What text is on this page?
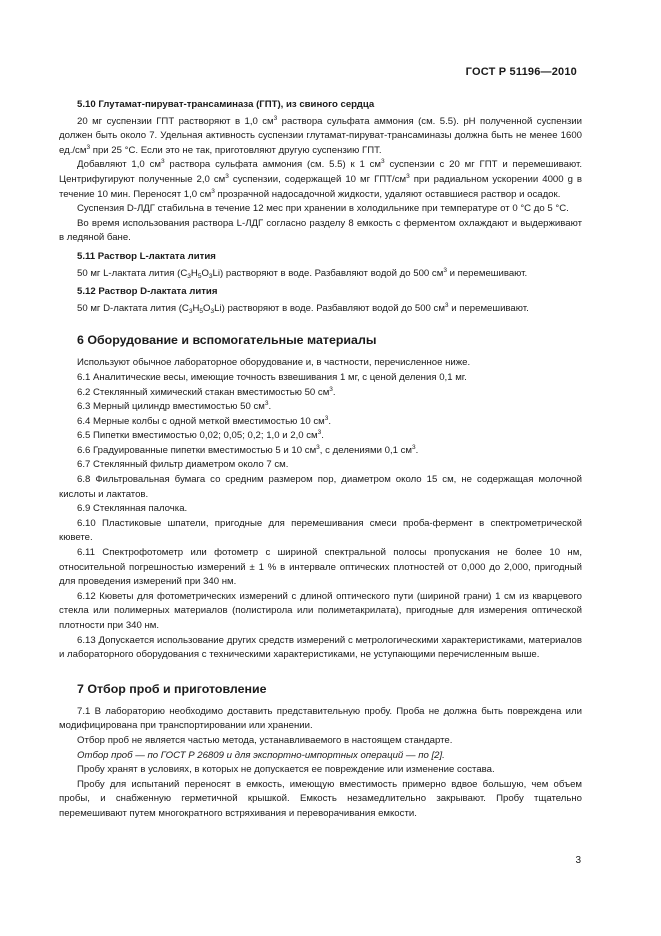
ГОСТ Р 51196—2010
5.10 Глутамат-пируват-трансаминаза (ГПТ), из свиного сердца

20 мг суспензии ГПТ растворяют в 1,0 $см^3$ раствора сульфата аммония (см. 5.5). pH полученной суспензии должен быть около 7. Удельная активность суспензии глутамат-пируват-трансаминазы должна быть не менее 1600 $ед./см^3$ при 25 °С. Если это не так, приготовляют другую суспензию ГПТ.

Добавляют 1,0 $см^3$ раствора сульфата аммония (см. 5.5) к 1 $см^3$ суспензии с 20 мг ГПТ и перемешивают. Центрифугируют полученные 2,0 $см^3$ суспензии, содержащей 10 мг ГПТ/$см^3$ при радиальном ускорении 4000 g в течение 10 мин. Переносят 1,0 $см^3$ прозрачной надосадочной жидкости, удаляют оставшиеся раствор и осадок.

Суспензия D-ЛДГ стабильна в течение 12 мес при хранении в холодильнике при температуре от 0 °С до 5 °С.

Во время использования раствора L-ЛДГ согласно разделу 8 емкость с ферментом охлаждают и выдерживают в ледяной бане.

5.11 Раствор L-лактата лития

50 мг L-лактата лития $(C_3H_5O_3Li)$ растворяют в воде. Разбавляют водой до 500 $см^3$ и перемешивают.

5.12 Раствор D-лактата лития

50 мг D-лактата лития $(C_3H_5O_3Li)$ растворяют в воде. Разбавляют водой до 500 $см^3$ и перемешивают.

6 Оборудование и вспомогательные материалы

Используют обычное лабораторное оборудование и, в частности, перечисленное ниже.

6.1 Аналитические весы, имеющие точность взвешивания 1 мг, с ценой деления 0,1 мг.

6.2 Стеклянный химический стакан вместимостью 50 $см^3$.

6.3 Мерный цилиндр вместимостью 50 $см^3$.

6.4 Мерные колбы с одной меткой вместимостью 10 $см^3$.

6.5 Пипетки вместимостью 0,02; 0,05; 0,2; 1,0 и 2,0 $см^3$.

6.6 Градуированные пипетки вместимостью 5 и 10 $см^3$, с делениями 0,1 $см^3$.

6.7 Стеклянный фильтр диаметром около 7 см.

6.8 Фильтровальная бумага со средним размером пор, диаметром около 15 см, не содержащая молочной кислоты и лактатов.

6.9 Стеклянная палочка.

6.10 Пластиковые шпатели, пригодные для перемешивания смеси проба-фермент в спектрометрической кювете.

6.11 Спектрофотометр или фотометр с шириной спектральной полосы пропускания не более 10 нм, относительной погрешностью измерений ± 1 % в интервале оптических плотностей от 0,000 до 2,000, пригодный для проведения измерений при 340 нм.

6.12 Кюветы для фотометрических измерений с длиной оптического пути (шириной грани) 1 см из кварцевого стекла или полимерных материалов (полистирола или полиметакрилата), пригодные для измерения оптической плотности при 340 нм.

6.13 Допускается использование других средств измерений с метрологическими характеристиками, материалов и лабораторного оборудования с техническими характеристиками, не уступающими перечисленным выше.

7 Отбор проб и приготовление

7.1 В лабораторию необходимо доставить представительную пробу. Проба не должна быть повреждена или модифицирована при транспортировании или хранении.

Отбор проб не является частью метода, устанавливаемого в настоящем стандарте.

Отбор проб — по ГОСТ Р 26809 и для экспортно-импортных операций — по [2].

Пробу хранят в условиях, в которых не допускается ее повреждение или изменение состава.

Пробу для испытаний переносят в емкость, имеющую вместимость примерно вдвое большую, чем объем пробы, и снабженную герметичной крышкой. Емкость незамедлительно закрывают. Пробу тщательно перемешивают путем многократного встряхивания и переворачивания емкости.

3
